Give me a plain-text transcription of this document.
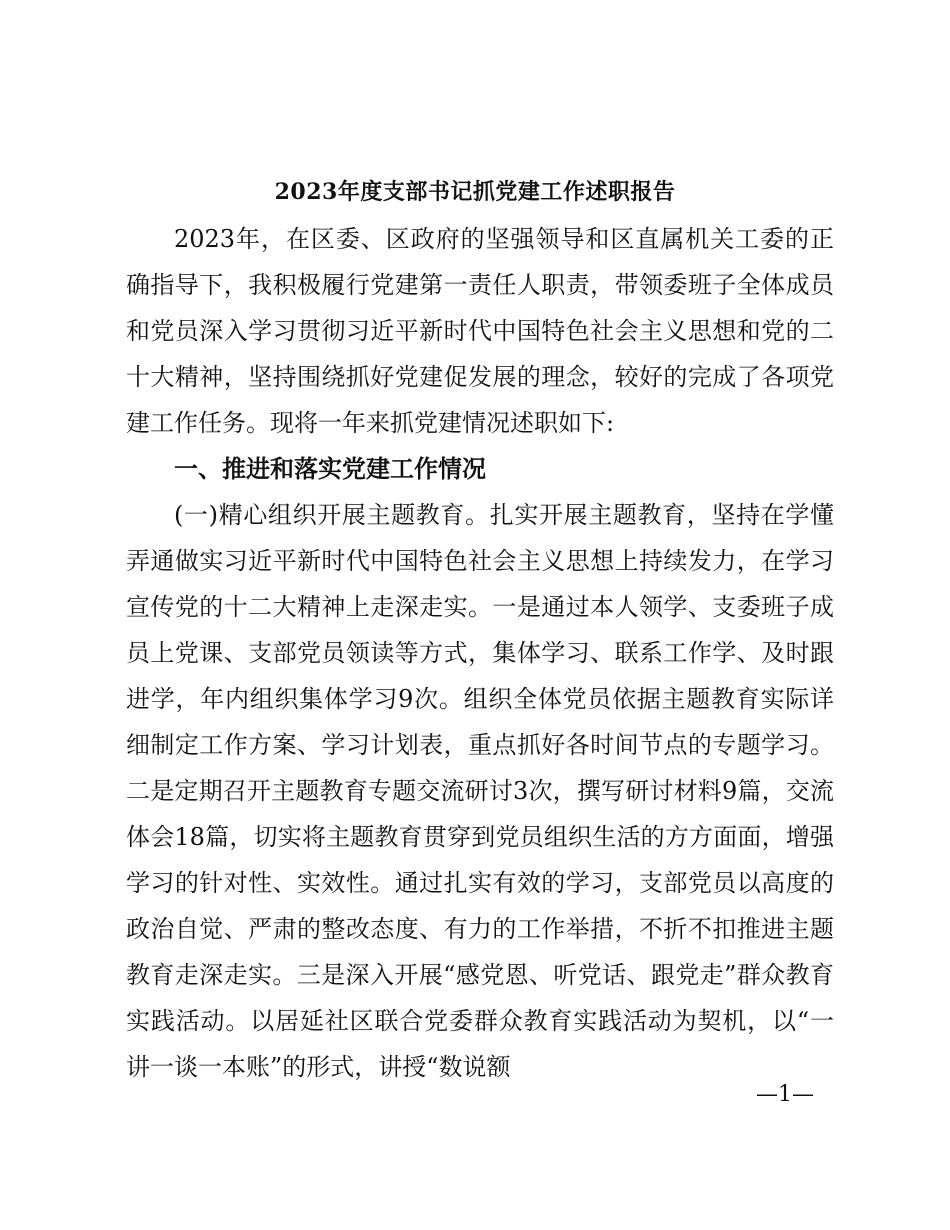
2023年度支部书记抓党建工作述职报告

2023年，在区委、区政府的坚强领导和区直属机关工委的正确指导下，我积极履行党建第一责任人职责，带领委班子全体成员和党员深入学习贯彻习近平新时代中国特色社会主义思想和党的二十大精神，坚持围绕抓好党建促发展的理念，较好的完成了各项党建工作任务。现将一年来抓党建情况述职如下:

一、推进和落实党建工作情况

(一)精心组织开展主题教育。扎实开展主题教育，坚持在学懂弄通做实习近平新时代中国特色社会主义思想上持续发力，在学习宣传党的十二大精神上走深走实。一是通过本人领学、支委班子成员上党课、支部党员领读等方式，集体学习、联系工作学、及时跟进学，年内组织集体学习9次。组织全体党员依据主题教育实际详细制定工作方案、学习计划表，重点抓好各时间节点的专题学习。二是定期召开主题教育专题交流研讨3次，撰写研讨材料9篇，交流体会18篇，切实将主题教育贯穿到党员组织生活的方方面面，增强学习的针对性、实效性。通过扎实有效的学习，支部党员以高度的政治自觉、严肃的整改态度、有力的工作举措，不折不扣推进主题教育走深走实。三是深入开展“感党恩、听党话、跟党走”群众教育实践活动。以居延社区联合党委群众教育实践活动为契机，以“一讲一谈一本账”的形式，讲授“数说额

—1—
